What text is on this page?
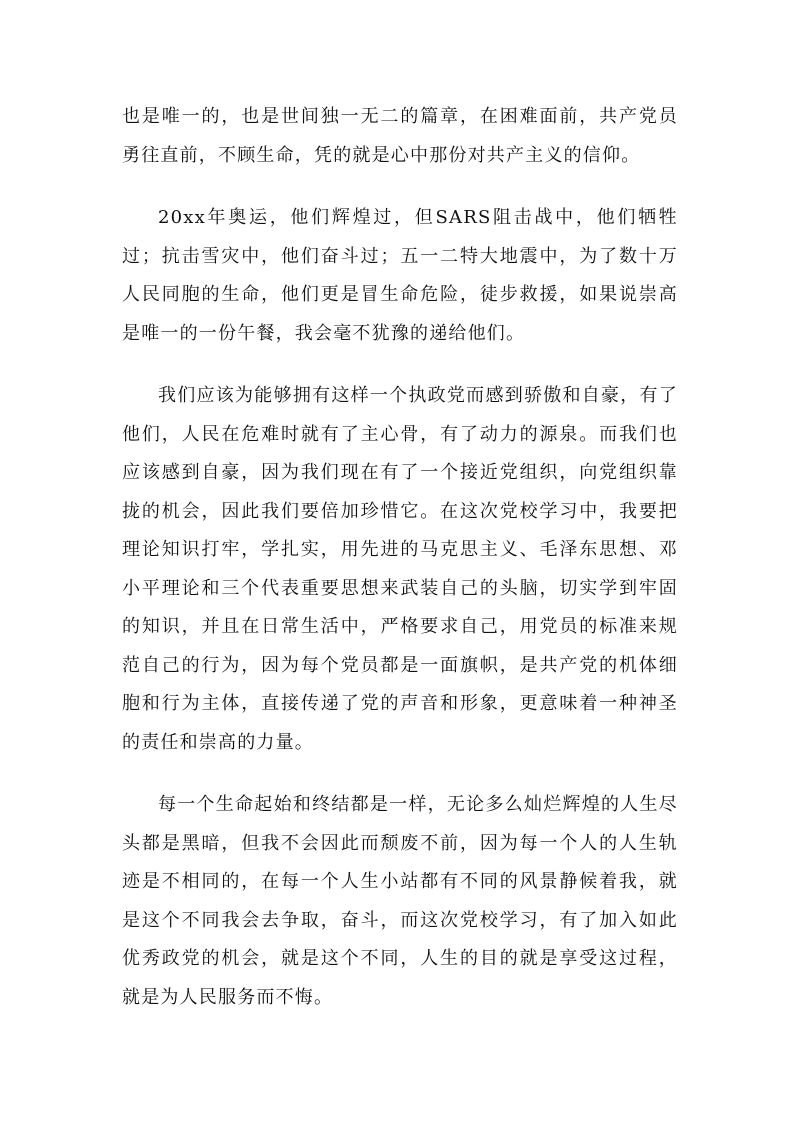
也是唯一的，也是世间独一无二的篇章，在困难面前，共产党员勇往直前，不顾生命，凭的就是心中那份对共产主义的信仰。

20xx年奥运，他们辉煌过，但SARS阻击战中，他们牺牲过；抗击雪灾中，他们奋斗过；五一二特大地震中，为了数十万人民同胞的生命，他们更是冒生命危险，徒步救援，如果说崇高是唯一的一份午餐，我会毫不犹豫的递给他们。

我们应该为能够拥有这样一个执政党而感到骄傲和自豪，有了他们，人民在危难时就有了主心骨，有了动力的源泉。而我们也应该感到自豪，因为我们现在有了一个接近党组织，向党组织靠拢的机会，因此我们要倍加珍惜它。在这次党校学习中，我要把理论知识打牢，学扎实，用先进的马克思主义、毛泽东思想、邓小平理论和三个代表重要思想来武装自己的头脑，切实学到牢固的知识，并且在日常生活中，严格要求自己，用党员的标准来规范自己的行为，因为每个党员都是一面旗帜，是共产党的机体细胞和行为主体，直接传递了党的声音和形象，更意味着一种神圣的责任和崇高的力量。

每一个生命起始和终结都是一样，无论多么灿烂辉煌的人生尽头都是黑暗，但我不会因此而颓废不前，因为每一个人的人生轨迹是不相同的，在每一个人生小站都有不同的风景静候着我，就是这个不同我会去争取，奋斗，而这次党校学习，有了加入如此优秀政党的机会，就是这个不同，人生的目的就是享受这过程，就是为人民服务而不悔。
